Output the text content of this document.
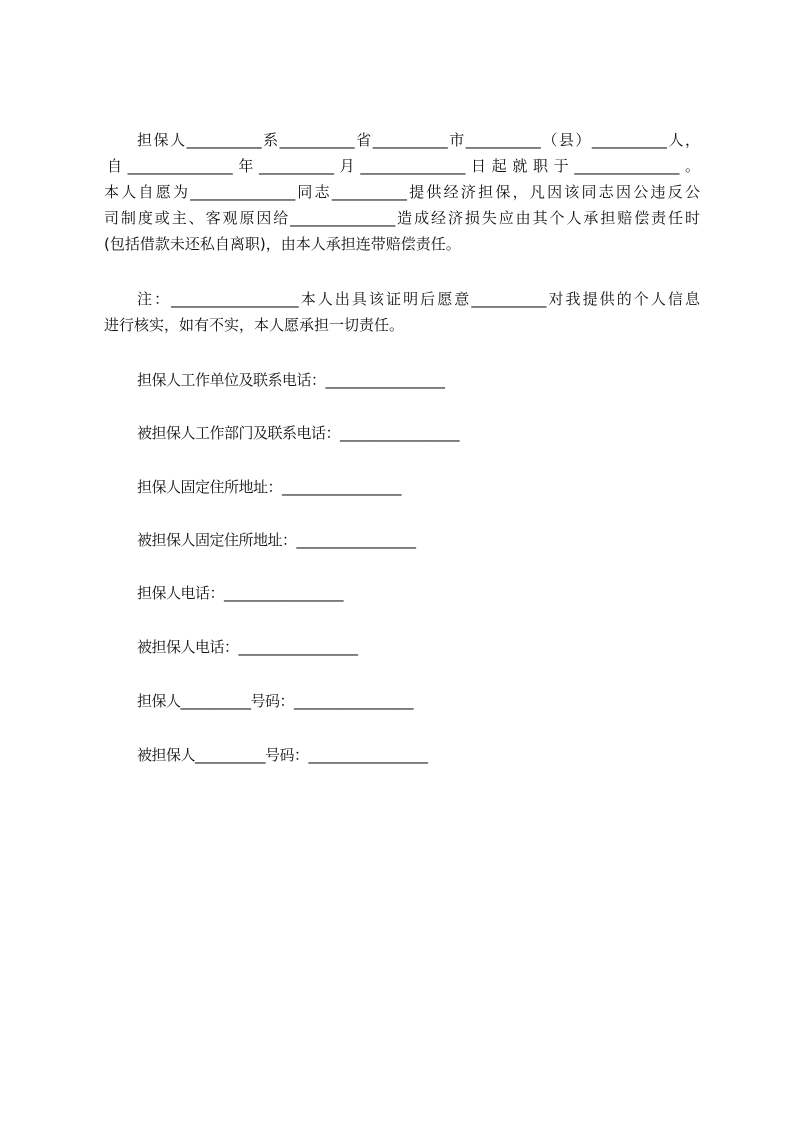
担保人__________系__________省__________市__________（县）__________人，
自______________年__________月______________日起就职于______________。
本人自愿为______________同志__________提供经济担保，凡因该同志因公违反公
司制度或主、客观原因给______________造成经济损失应由其个人承担赔偿责任时
(包括借款未还私自离职)，由本人承担连带赔偿责任。
注：_________________本人出具该证明后愿意__________对我提供的个人信息
进行核实，如有不实，本人愿承担一切责任。
担保人工作单位及联系电话：_________________
被担保人工作部门及联系电话：_________________
担保人固定住所地址：_________________
被担保人固定住所地址：_________________
担保人电话：_________________
被担保人电话：_________________
担保人__________号码：_________________
被担保人__________号码：_________________
